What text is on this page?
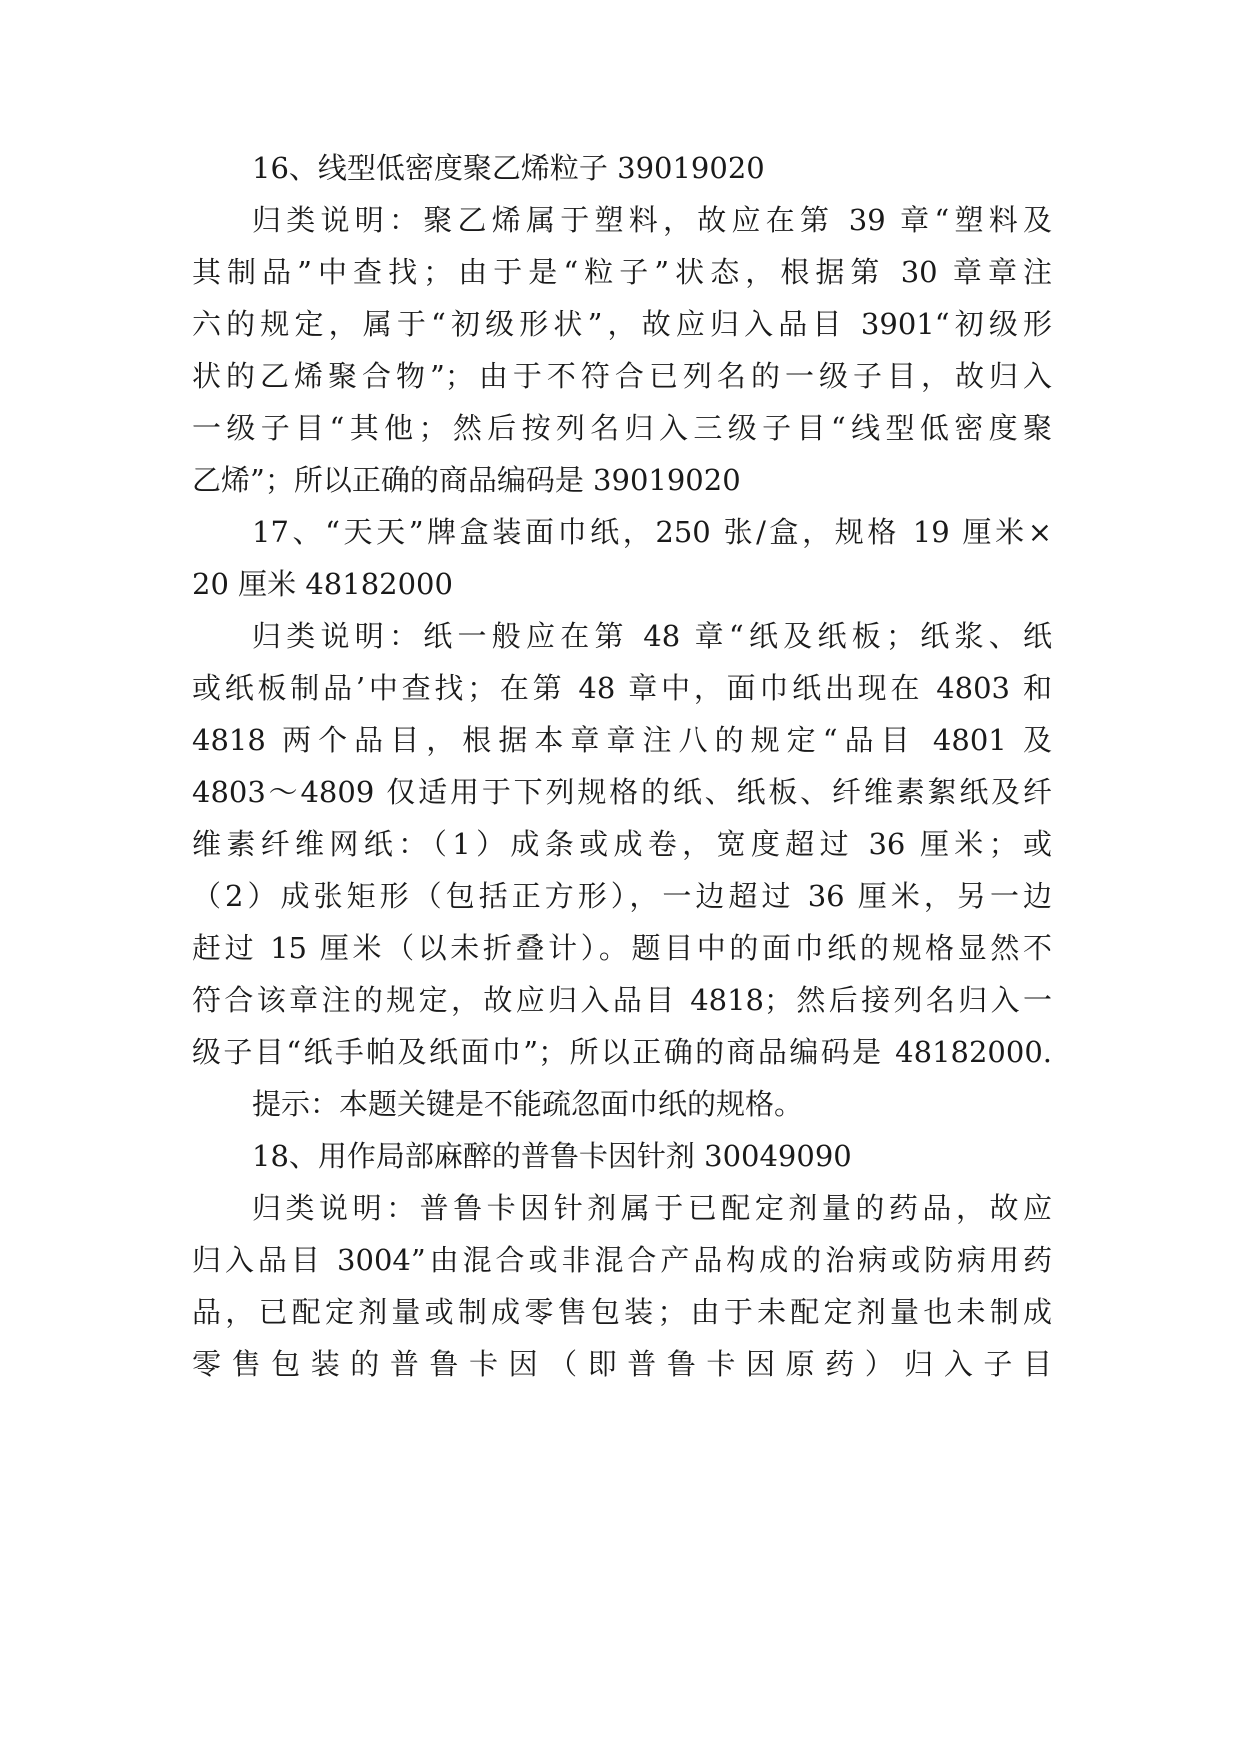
16、线型低密度聚乙烯粒子 39019020
归类说明：聚乙烯属于塑料，故应在第 39 章“塑料及
其制品”中查找；由于是“粒子”状态，根据第 30 章章注
六的规定，属于“初级形状”，故应归入品目 3901“初级形
状的乙烯聚合物”；由于不符合已列名的一级子目，故归入
一级子目“其他；然后按列名归入三级子目“线型低密度聚
乙烯”；所以正确的商品编码是 39019020
17、“天天”牌盒装面巾纸，250 张/盒，规格 19 厘米×
20 厘米 48182000
归类说明：纸一般应在第 48 章“纸及纸板；纸浆、纸
或纸板制品’中查找；在第 48 章中，面巾纸出现在 4803 和
4818 两个品目，根据本章章注八的规定“品目 4801 及
4803～4809 仅适用于下列规格的纸、纸板、纤维素絮纸及纤
维素纤维网纸：（1）成条或成卷，宽度超过 36 厘米；或
（2）成张矩形（包括正方形），一边超过 36 厘米，另一边
赶过 15 厘米（以未折叠计）。题目中的面巾纸的规格显然不
符合该章注的规定，故应归入品目 4818；然后接列名归入一
级子目“纸手帕及纸面巾”；所以正确的商品编码是 48182000.
提示：本题关键是不能疏忽面巾纸的规格。
18、用作局部麻醉的普鲁卡因针剂 30049090
归类说明：普鲁卡因针剂属于已配定剂量的药品，故应
归入品目 3004”由混合或非混合产品构成的治病或防病用药
品，已配定剂量或制成零售包装；由于未配定剂量也未制成
零售包装的普鲁卡因（即普鲁卡因原药）归入子目
